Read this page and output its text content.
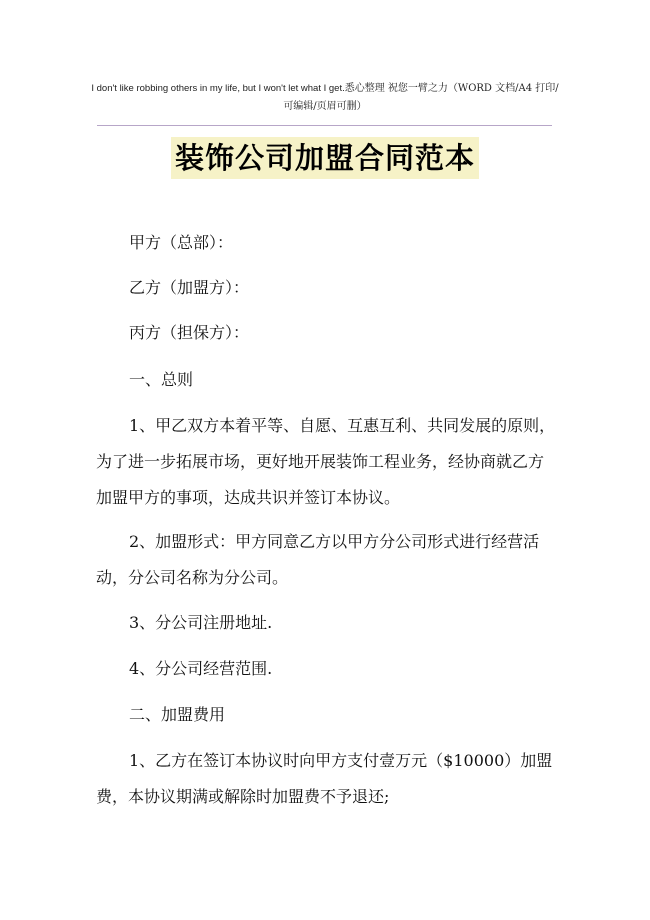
I don't like robbing others in my life, but I won't let what I get.悉心整理 祝您一臂之力（WORD 文档/A4 打印/
可编辑/页眉可删）
装饰公司加盟合同范本
甲方（总部）：
乙方（加盟方）：
丙方（担保方）：
一、总则
1、甲乙双方本着平等、自愿、互惠互利、共同发展的原则，为了进一步拓展市场，更好地开展装饰工程业务，经协商就乙方加盟甲方的事项，达成共识并签订本协议。
2、加盟形式：甲方同意乙方以甲方分公司形式进行经营活动，分公司名称为分公司。
3、分公司注册地址.
4、分公司经营范围.
二、加盟费用
1、乙方在签订本协议时向甲方支付壹万元（$10000）加盟费，本协议期满或解除时加盟费不予退还;
